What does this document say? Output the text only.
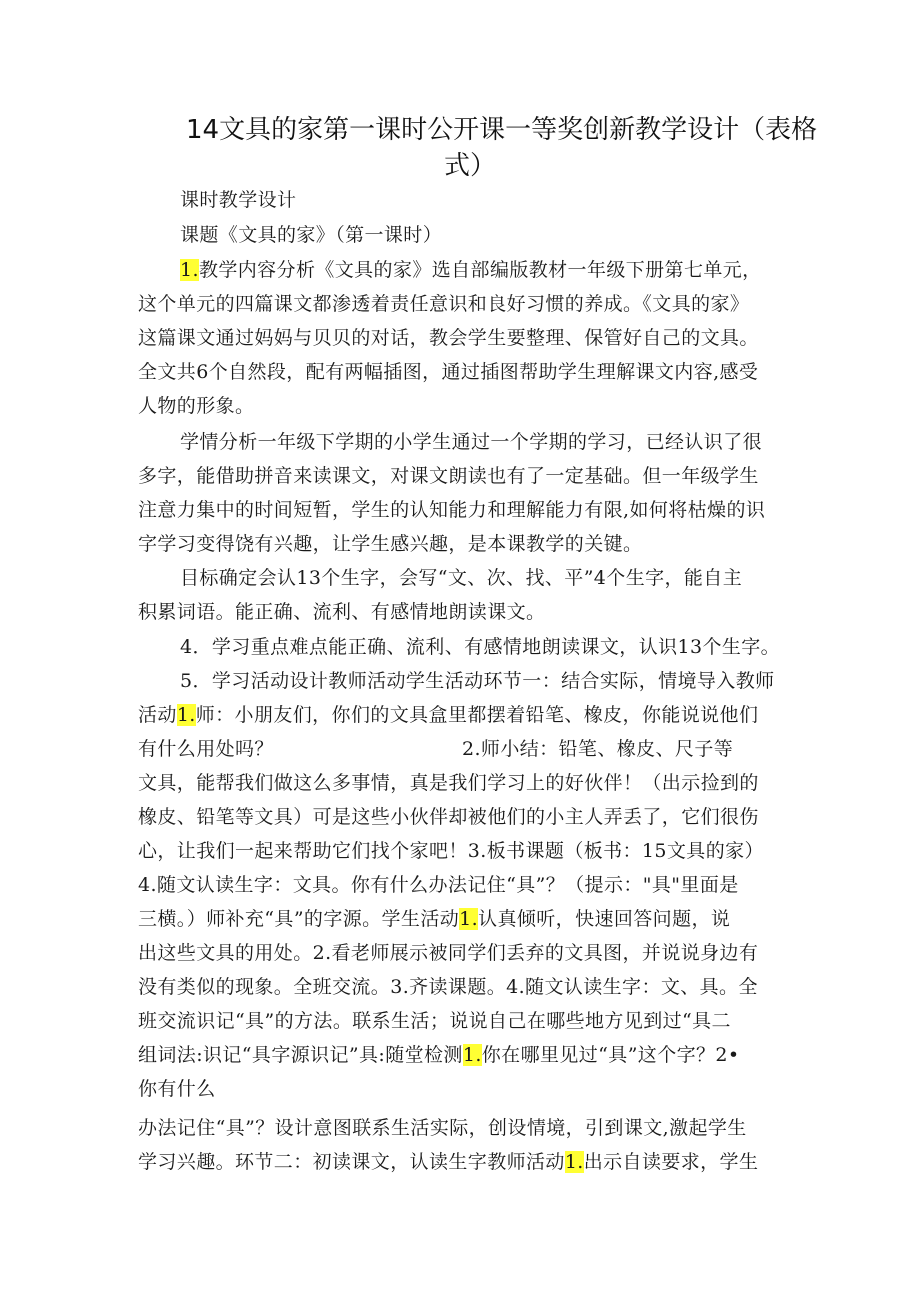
14文具的家第一课时公开课一等奖创新教学设计（表格
式）
课时教学设计
课题《文具的家》（第一课时）
1.教学内容分析《文具的家》选自部编版教材一年级下册第七单元，
这个单元的四篇课文都渗透着责任意识和良好习惯的养成。《文具的家》
这篇课文通过妈妈与贝贝的对话，教会学生要整理、保管好自己的文具。
全文共6个自然段，配有两幅插图，通过插图帮助学生理解课文内容,感受
人物的形象。
学情分析一年级下学期的小学生通过一个学期的学习，已经认识了很
多字，能借助拼音来读课文，对课文朗读也有了一定基础。但一年级学生
注意力集中的时间短暂，学生的认知能力和理解能力有限,如何将枯燥的识
字学习变得饶有兴趣，让学生感兴趣，是本课教学的关键。
目标确定会认13个生字，会写“文、次、找、平”4个生字，能自主
积累词语。能正确、流利、有感情地朗读课文。
4．学习重点难点能正确、流利、有感情地朗读课文，认识13个生字。
5．学习活动设计教师活动学生活动环节一：结合实际，情境导入教师
活动1.师：小朋友们，你们的文具盒里都摆着铅笔、橡皮，你能说说他们
有什么用处吗？	2.师小结：铅笔、橡皮、尺子等
文具，能帮我们做这么多事情，真是我们学习上的好伙伴！（出示捡到的
橡皮、铅笔等文具）可是这些小伙伴却被他们的小主人弄丢了，它们很伤
心，让我们一起来帮助它们找个家吧！3.板书课题（板书：15文具的家）
4.随文认读生字：文具。你有什么办法记住“具”？（提示："具"里面是
三横。）师补充“具”的字源。学生活动1.认真倾听，快速回答问题，说
出这些文具的用处。2.看老师展示被同学们丢弃的文具图，并说说身边有
没有类似的现象。全班交流。3.齐读课题。4.随文认读生字：文、具。全
班交流识记“具”的方法。联系生活；说说自己在哪些地方见到过“具二
组词法:识记“具字源识记”具:随堂检测1.你在哪里见过“具”这个字？2•
你有什么
办法记住“具”？设计意图联系生活实际，创设情境，引到课文,激起学生
学习兴趣。环节二：初读课文，认读生字教师活动1.出示自读要求，学生
